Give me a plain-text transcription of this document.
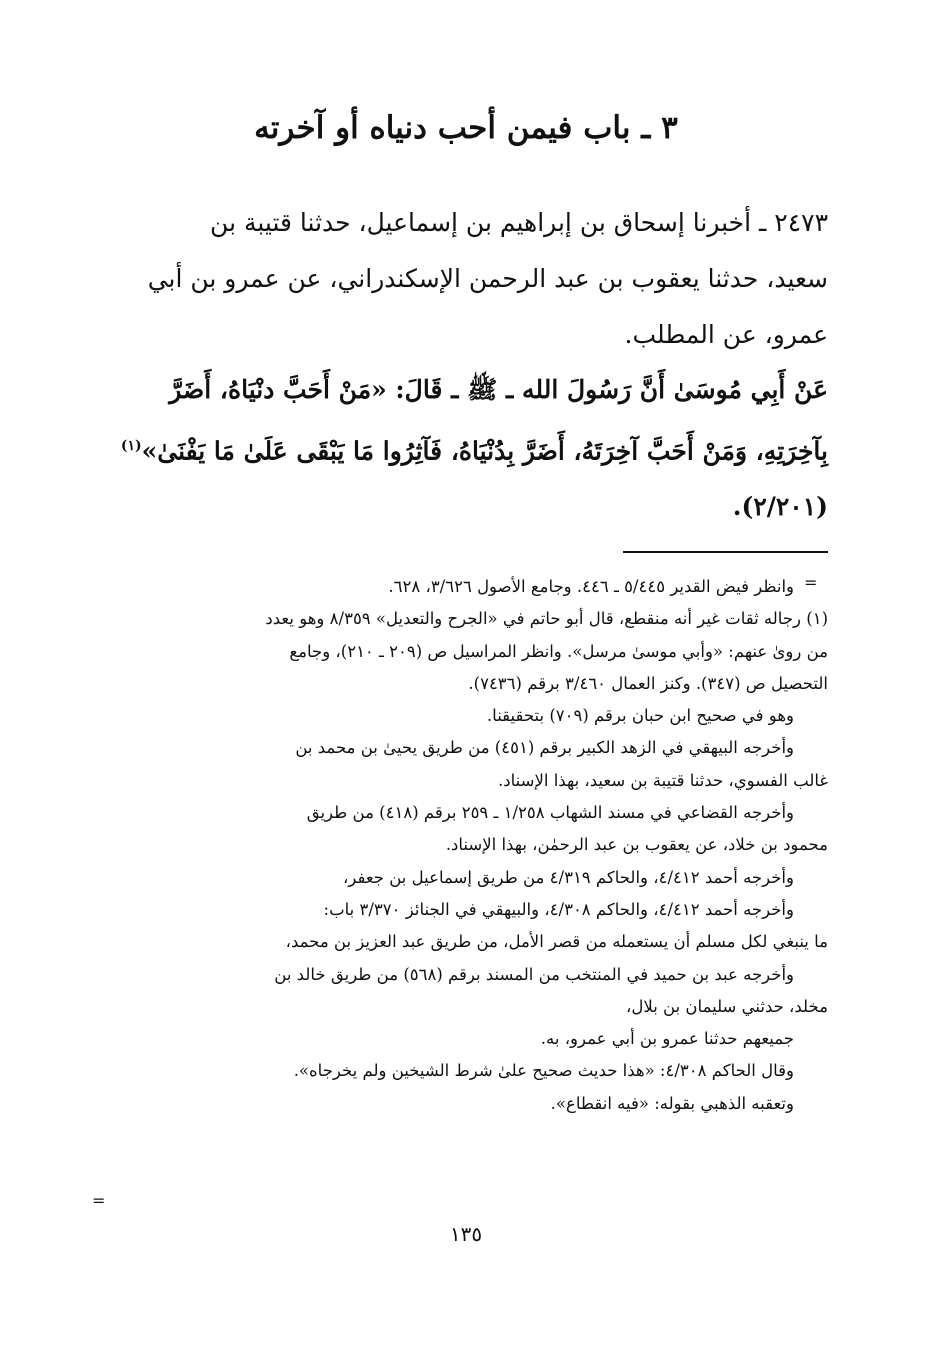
٣ ـ باب فيمن أحب دنياه أو آخرته

٢٤٧٣ ـ أخبرنا إسحاق بن إبراهيم بن إسماعيل، حدثنا قتيبة بن

سعيد، حدثنا يعقوب بن عبد الرحمن الإسكندراني، عن عمرو بن أبي

عمرو، عن المطلب.

عَنْ أَبِي مُوسَىٰ أَنَّ رَسُولَ الله ـ ﷺ ـ قَالَ: «مَنْ أَحَبَّ دنْيَاهُ، أَضَرَّ

بِآخِرَتِهِ، وَمَنْ أَحَبَّ آخِرَتَهُ، أَضَرَّ بِدُنْيَاهُ، فَآثِرُوا مَا يَبْقَى عَلَىٰ مَا يَفْنَىٰ»$^{(١)}$

(٢/٢٠١).

=

وانظر فيض القدير ٥/٤٤٥ ـ ٤٤٦. وجامع الأصول ٣/٦٢٦، ٦٢٨.

(١) رجاله ثقات غير أنه منقطع، قال أبو حاتم في «الجرح والتعديل» ٨/٣٥٩ وهو يعدد

من روىٰ عنهم: «وأبي موسىٰ مرسل». وانظر المراسيل ص (٢٠٩ ـ ٢١٠)، وجامع

التحصيل ص (٣٤٧). وكنز العمال ٣/٤٦٠ برقم (٧٤٣٦).

وهو في صحيح ابن حبان برقم (٧٠٩) بتحقيقنا.

وأخرجه البيهقي في الزهد الكبير برقم (٤٥١) من طريق يحيىٰ بن محمد بن

غالب الفسوي، حدثنا قتيبة بن سعيد، بهذا الإسناد.

وأخرجه القضاعي في مسند الشهاب ١/٢٥٨ ـ ٢٥٩ برقم (٤١٨) من طريق

محمود بن خلاد، عن يعقوب بن عبد الرحمٰن، بهذا الإسناد.

وأخرجه أحمد ٤/٤١٢، والحاكم ٤/٣١٩ من طريق إسماعيل بن جعفر،

وأخرجه أحمد ٤/٤١٢، والحاكم ٤/٣٠٨، والبيهقي في الجنائز ٣/٣٧٠ باب:

ما ينبغي لكل مسلم أن يستعمله من قصر الأمل، من طريق عبد العزيز بن محمد،

وأخرجه عبد بن حميد في المنتخب من المسند برقم (٥٦٨) من طريق خالد بن

مخلد، حدثني سليمان بن بلال،

جميعهم حدثنا عمرو بن أبي عمرو، به.

وقال الحاكم ٤/٣٠٨: «هذا حديث صحيح علىٰ شرط الشيخين ولم يخرجاه».

وتعقبه الذهبي بقوله: «فيه انقطاع».

=
١٣٥
